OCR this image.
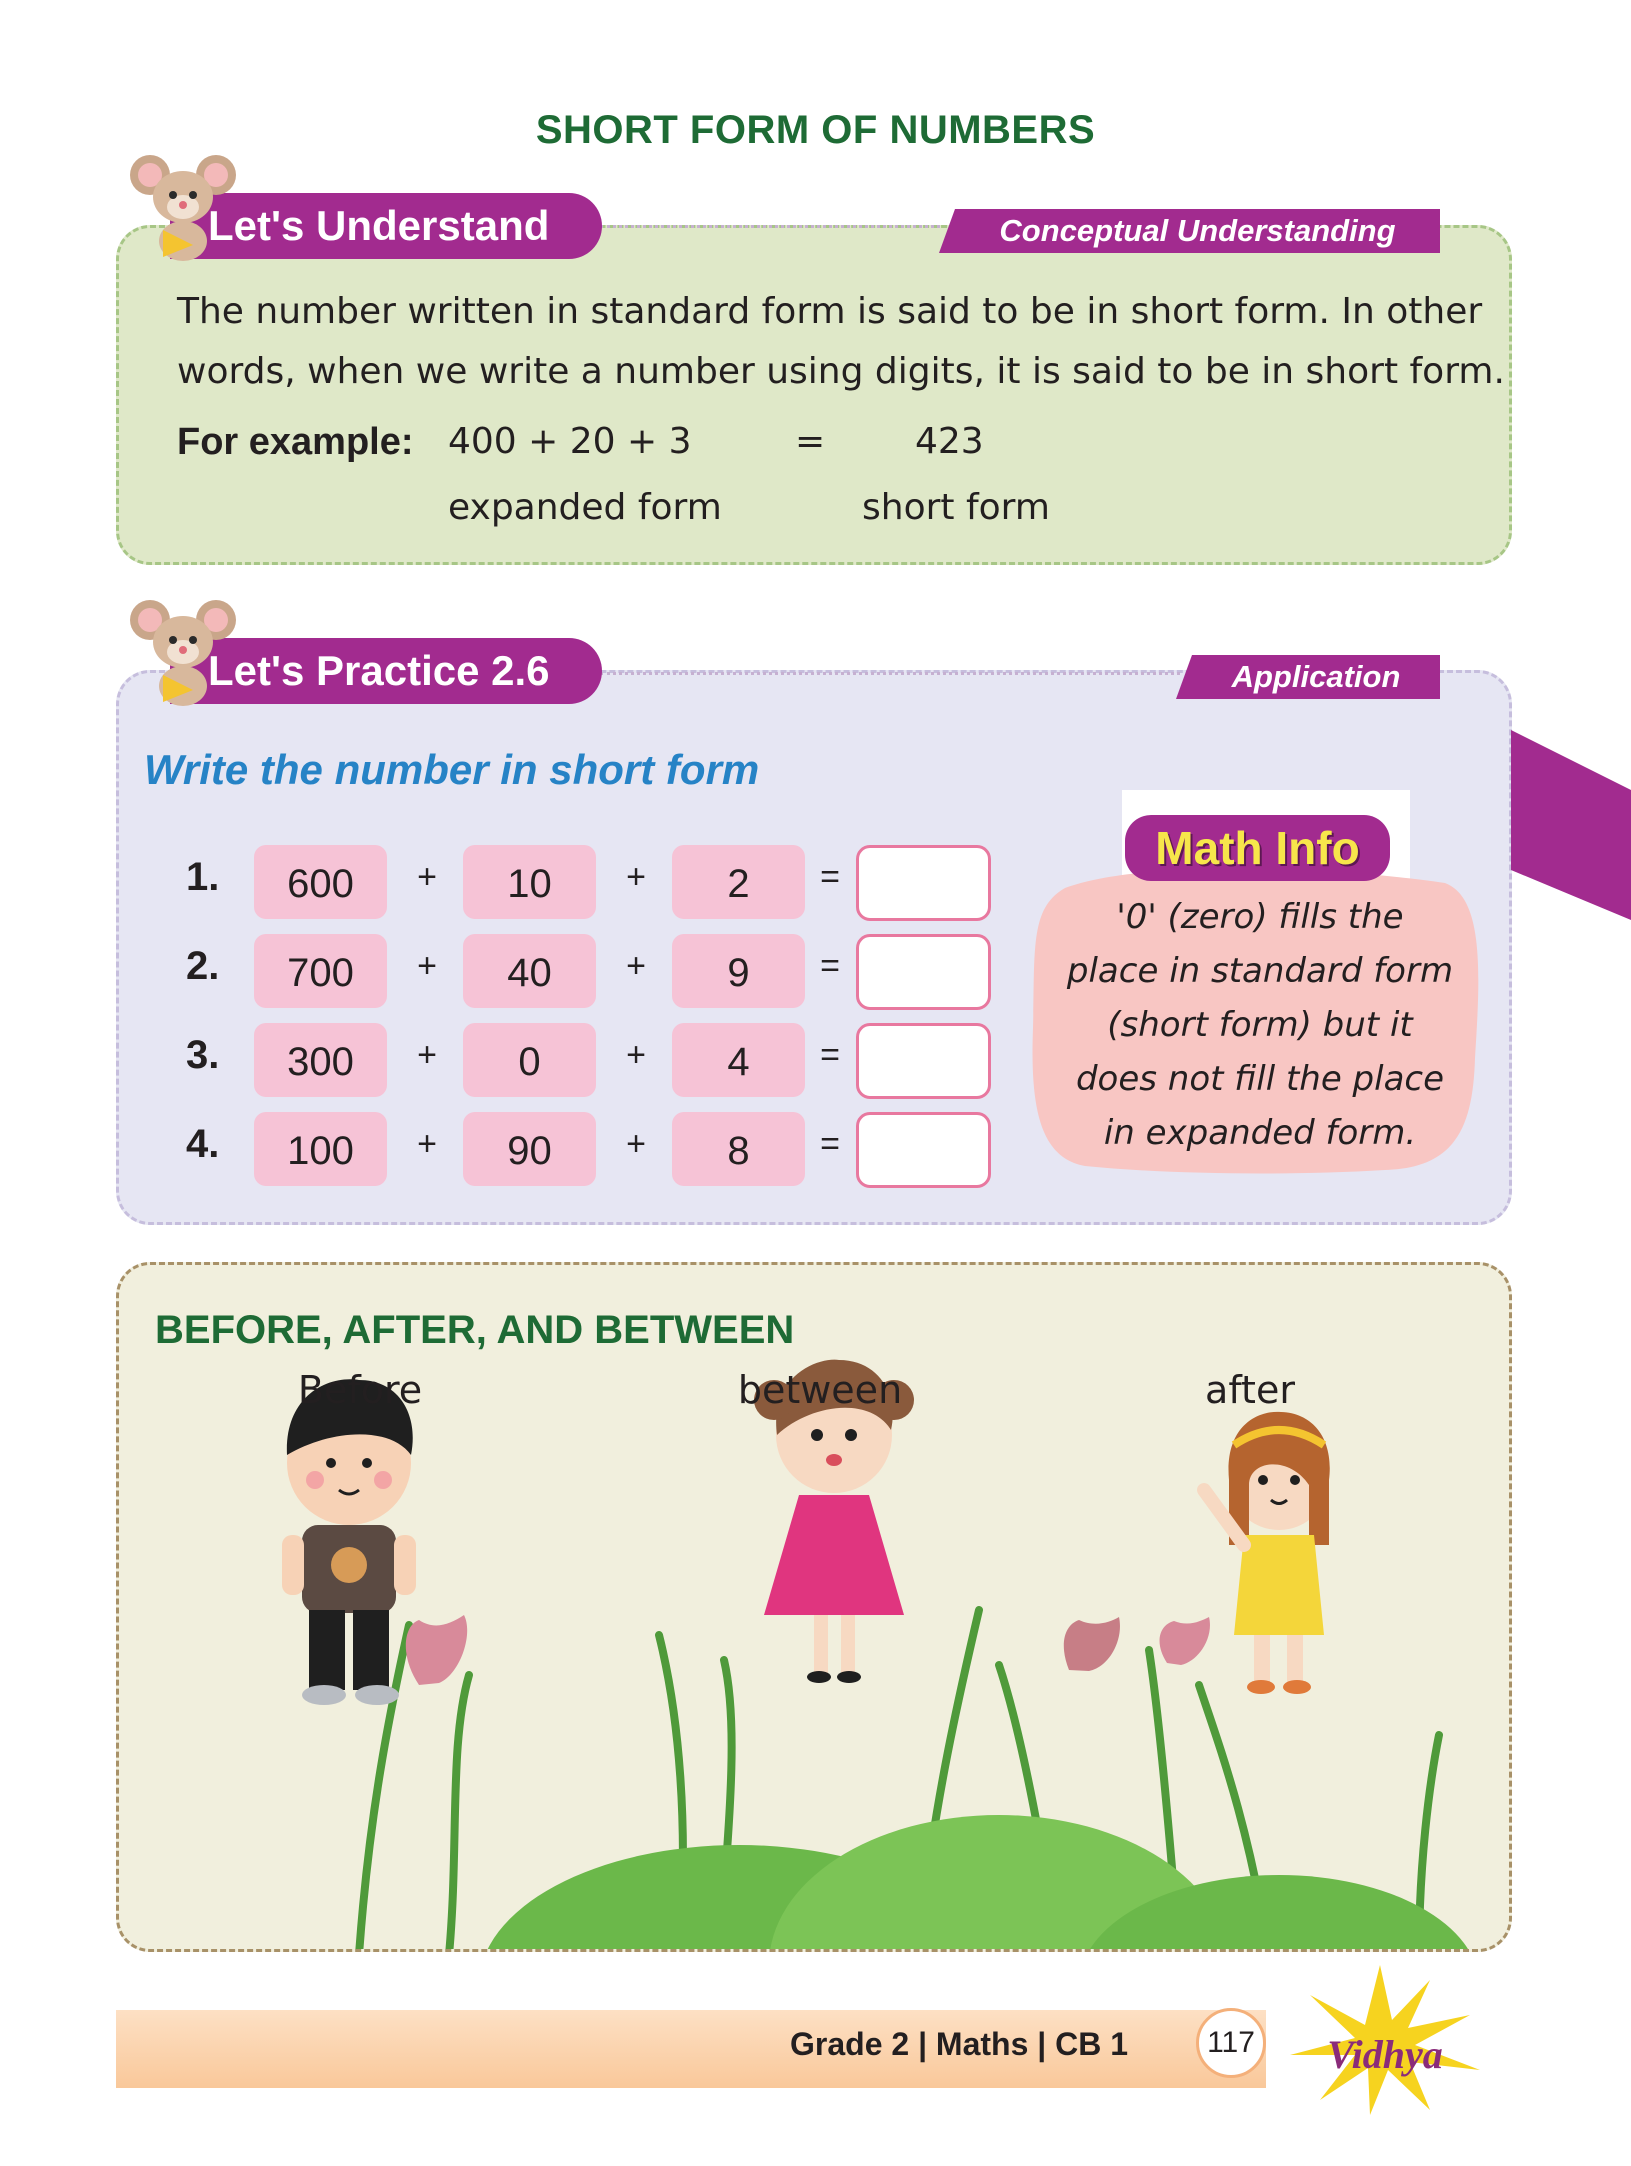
SHORT FORM OF NUMBERS
Let's Understand	Conceptual Understanding
The number written in standard form is said to be in short form. In other
words, when we write a number using digits, it is said to be in short form.
For example: 400 + 20 + 3	= 423
expanded form	short form
Let's Practice 2.6	Application
Write the number in short form
1.	600	+	10	+	2	=
2.	700	+	40	+	9	=
3.	300	+	0	+	4	=
4.	100	+	90	+	8	=
Math Info
'0' (zero) fills the
place in standard form
(short form) but it
does not fill the place
in expanded form.
BEFORE, AFTER, AND BETWEEN
Before	between	after
Grade 2 | Maths | CB 1	117 Vidhya
